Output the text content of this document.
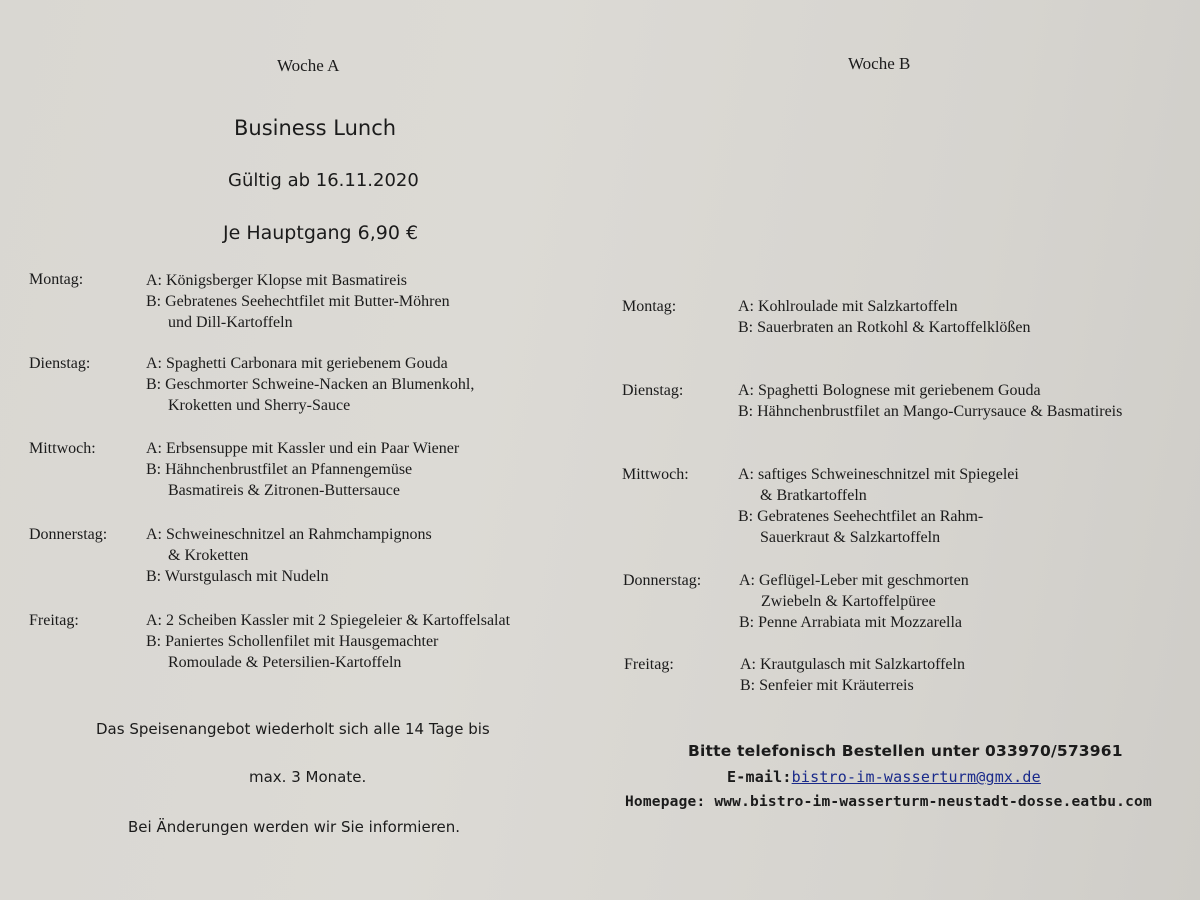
Woche A
Business Lunch
Gültig ab 16.11.2020
Je Hauptgang 6,90 €
Woche B
Montag:	A: Königsberger Klopse mit Basmatireis
B: Gebratenes Seehechtfilet mit Butter-Möhren
und Dill-Kartoffeln
Dienstag:	A: Spaghetti Carbonara mit geriebenem Gouda
B: Geschmorter Schweine-Nacken an Blumenkohl,
Kroketten und Sherry-Sauce
Mittwoch:	A: Erbsensuppe mit Kassler und ein Paar Wiener
B: Hähnchenbrustfilet an Pfannengemüse
Basmatireis & Zitronen-Buttersauce
Donnerstag: A: Schweineschnitzel an Rahmchampignons
& Kroketten
B: Wurstgulasch mit Nudeln
Freitag:	A: 2 Scheiben Kassler mit 2 Spiegeleier & Kartoffelsalat
B: Paniertes Schollenfilet mit Hausgemachter
Romoulade & Petersilien-Kartoffeln
Das Speisenangebot wiederholt sich alle 14 Tage bis
max. 3 Monate.
Bei Änderungen werden wir Sie informieren.
Montag:	A: Kohlroulade mit Salzkartoffeln
B: Sauerbraten an Rotkohl & Kartoffelklößen
Dienstag:	A: Spaghetti Bolognese mit geriebenem Gouda
B: Hähnchenbrustfilet an Mango-Currysauce & Basmatireis
Mittwoch:	A: saftiges Schweineschnitzel mit Spiegelei
& Bratkartoffeln
B: Gebratenes Seehechtfilet an Rahm-
Sauerkraut & Salzkartoffeln
Donnerstag: A: Geflügel-Leber mit geschmorten
Zwiebeln & Kartoffelpüree
B: Penne Arrabiata mit Mozzarella
Freitag:	A: Krautgulasch mit Salzkartoffeln
B: Senfeier mit Kräuterreis
Bitte telefonisch Bestellen unter 033970/573961
E-mail:bistro-im-wasserturm@gmx.de
Homepage: www.bistro-im-wasserturm-neustadt-dosse.eatbu.com
